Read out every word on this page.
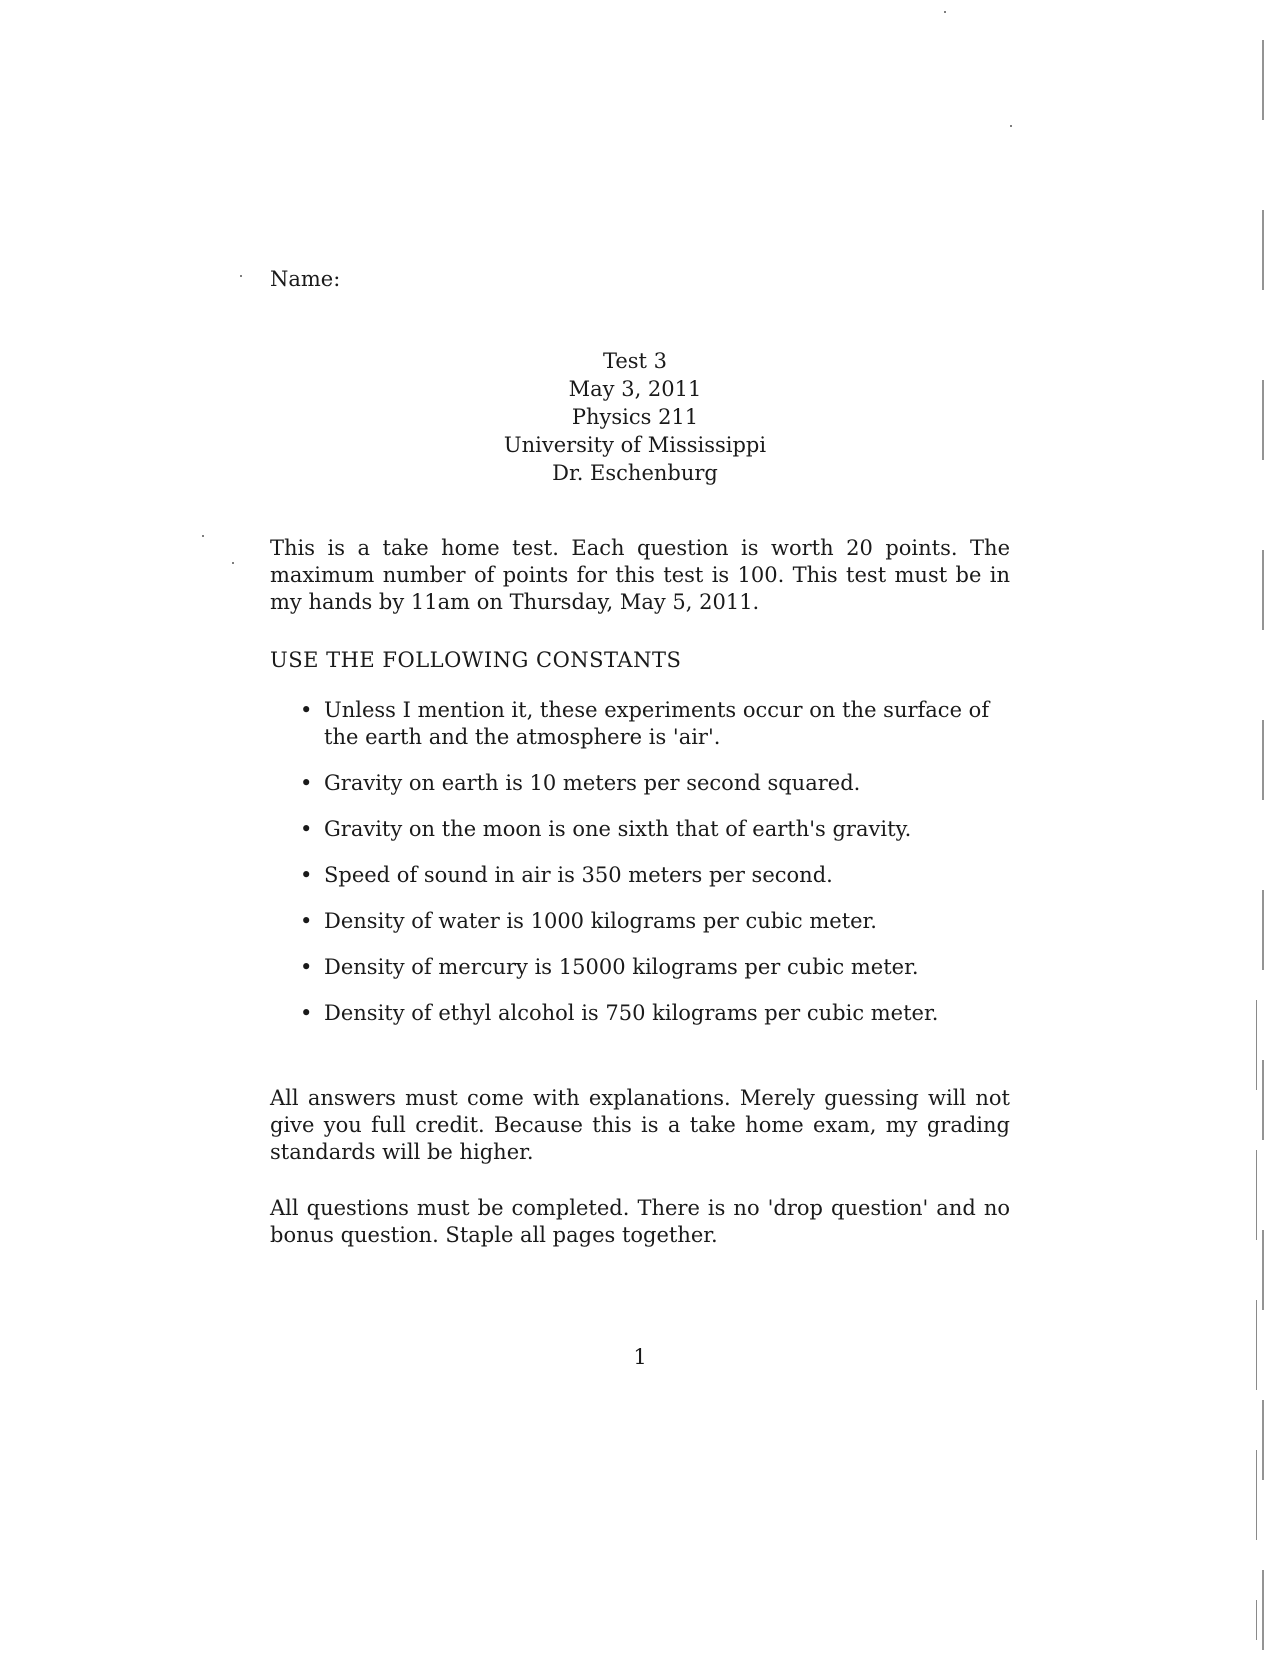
Name:
Test 3
May 3, 2011
Physics 211
University of Mississippi
Dr. Eschenburg

This is a take home test. Each question is worth 20 points. The maximum number of points for this test is 100. This test must be in my hands by 11am on Thursday, May 5, 2011.

USE THE FOLLOWING CONSTANTS
• Unless I mention it, these experiments occur on the surface of the earth and the atmosphere is 'air'.
• Gravity on earth is 10 meters per second squared.
• Gravity on the moon is one sixth that of earth's gravity.
• Speed of sound in air is 350 meters per second.
• Density of water is 1000 kilograms per cubic meter.
• Density of mercury is 15000 kilograms per cubic meter.
• Density of ethyl alcohol is 750 kilograms per cubic meter.

All answers must come with explanations. Merely guessing will not give you full credit. Because this is a take home exam, my grading standards will be higher.

All questions must be completed. There is no 'drop question' and no bonus question. Staple all pages together.

1
